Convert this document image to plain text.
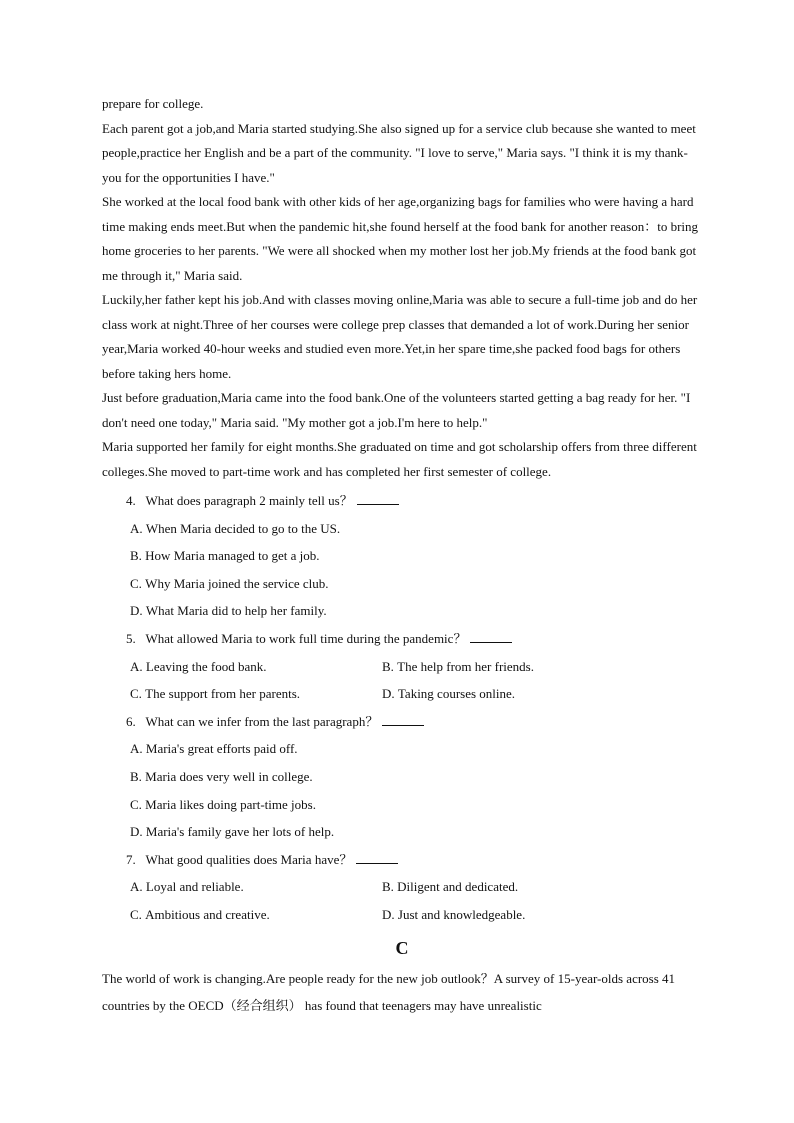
prepare for college.

Each parent got a job,and Maria started studying.She also signed up for a service club because she wanted to meet people,practice her English and be a part of the community. "I love to serve," Maria says. "I think it is my thank-you for the opportunities I have."

She worked at the local food bank with other kids of her age,organizing bags for families who were having a hard time making ends meet.But when the pandemic hit,she found herself at the food bank for another reason：to bring home groceries to her parents. "We were all shocked when my mother lost her job.My friends at the food bank got me through it," Maria said.

Luckily,her father kept his job.And with classes moving online,Maria was able to secure a full-time job and do her class work at night.Three of her courses were college prep classes that demanded a lot of work.During her senior year,Maria worked 40-hour weeks and studied even more.Yet,in her spare time,she packed food bags for others before taking hers home.

Just before graduation,Maria came into the food bank.One of the volunteers started getting a bag ready for her. "I don't need one today," Maria said. "My mother got a job.I'm here to help."

Maria supported her family for eight months.She graduated on time and got scholarship offers from three different colleges.She moved to part-time work and has completed her first semester of college.

4.   What does paragraph 2 mainly tell us？

A. When Maria decided to go to the US.

B. How Maria managed to get a job.

C. Why Maria joined the service club.

D. What Maria did to help her family.

5.   What allowed Maria to work full time during the pandemic？

A. Leaving the food bank.	B. The help from her friends.
C. The support from her parents.	D. Taking courses online.

6.   What can we infer from the last paragraph？

A. Maria's great efforts paid off.

B. Maria does very well in college.

C. Maria likes doing part-time jobs.

D. Maria's family gave her lots of help.

7.   What good qualities does Maria have？

A. Loyal and reliable.	B. Diligent and dedicated.
C. Ambitious and creative.	D. Just and knowledgeable.

C

The world of work is changing.Are people ready for the new job outlook？A survey of 15-year-olds across 41 countries by the OECD（经合组织） has found that teenagers may have unrealistic
